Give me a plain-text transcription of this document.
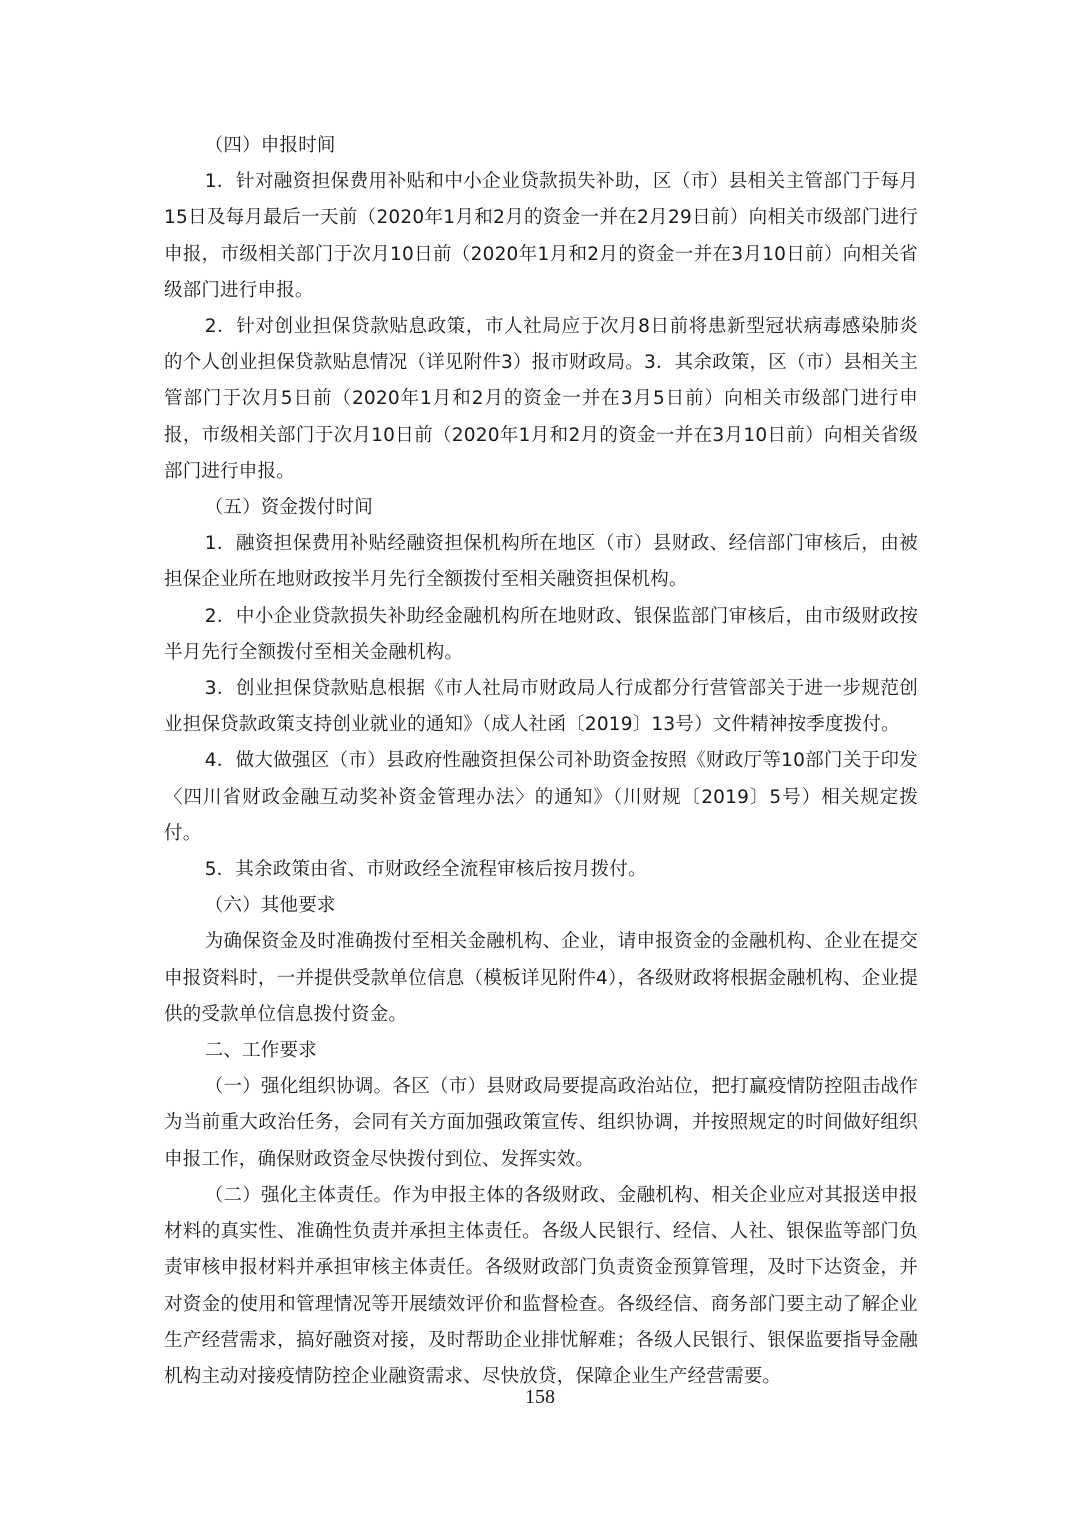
（四）申报时间

1．针对融资担保费用补贴和中小企业贷款损失补助，区（市）县相关主管部门于每月15日及每月最后一天前（2020年1月和2月的资金一并在2月29日前）向相关市级部门进行申报，市级相关部门于次月10日前（2020年1月和2月的资金一并在3月10日前）向相关省级部门进行申报。

2．针对创业担保贷款贴息政策，市人社局应于次月8日前将患新型冠状病毒感染肺炎的个人创业担保贷款贴息情况（详见附件3）报市财政局。3．其余政策，区（市）县相关主管部门于次月5日前（2020年1月和2月的资金一并在3月5日前）向相关市级部门进行申报，市级相关部门于次月10日前（2020年1月和2月的资金一并在3月10日前）向相关省级部门进行申报。

（五）资金拨付时间

1．融资担保费用补贴经融资担保机构所在地区（市）县财政、经信部门审核后，由被担保企业所在地财政按半月先行全额拨付至相关融资担保机构。

2．中小企业贷款损失补助经金融机构所在地财政、银保监部门审核后，由市级财政按半月先行全额拨付至相关金融机构。

3．创业担保贷款贴息根据《市人社局市财政局人行成都分行营管部关于进一步规范创业担保贷款政策支持创业就业的通知》（成人社函〔2019〕13号）文件精神按季度拨付。

4．做大做强区（市）县政府性融资担保公司补助资金按照《财政厅等10部门关于印发〈四川省财政金融互动奖补资金管理办法〉的通知》（川财规〔2019〕5号）相关规定拨付。

5．其余政策由省、市财政经全流程审核后按月拨付。

（六）其他要求

为确保资金及时准确拨付至相关金融机构、企业，请申报资金的金融机构、企业在提交申报资料时，一并提供受款单位信息（模板详见附件4），各级财政将根据金融机构、企业提供的受款单位信息拨付资金。

二、工作要求

（一）强化组织协调。各区（市）县财政局要提高政治站位，把打赢疫情防控阻击战作为当前重大政治任务，会同有关方面加强政策宣传、组织协调，并按照规定的时间做好组织申报工作，确保财政资金尽快拨付到位、发挥实效。

（二）强化主体责任。作为申报主体的各级财政、金融机构、相关企业应对其报送申报材料的真实性、准确性负责并承担主体责任。各级人民银行、经信、人社、银保监等部门负责审核申报材料并承担审核主体责任。各级财政部门负责资金预算管理，及时下达资金，并对资金的使用和管理情况等开展绩效评价和监督检查。各级经信、商务部门要主动了解企业生产经营需求，搞好融资对接，及时帮助企业排忧解难；各级人民银行、银保监要指导金融机构主动对接疫情防控企业融资需求、尽快放贷，保障企业生产经营需要。

158
